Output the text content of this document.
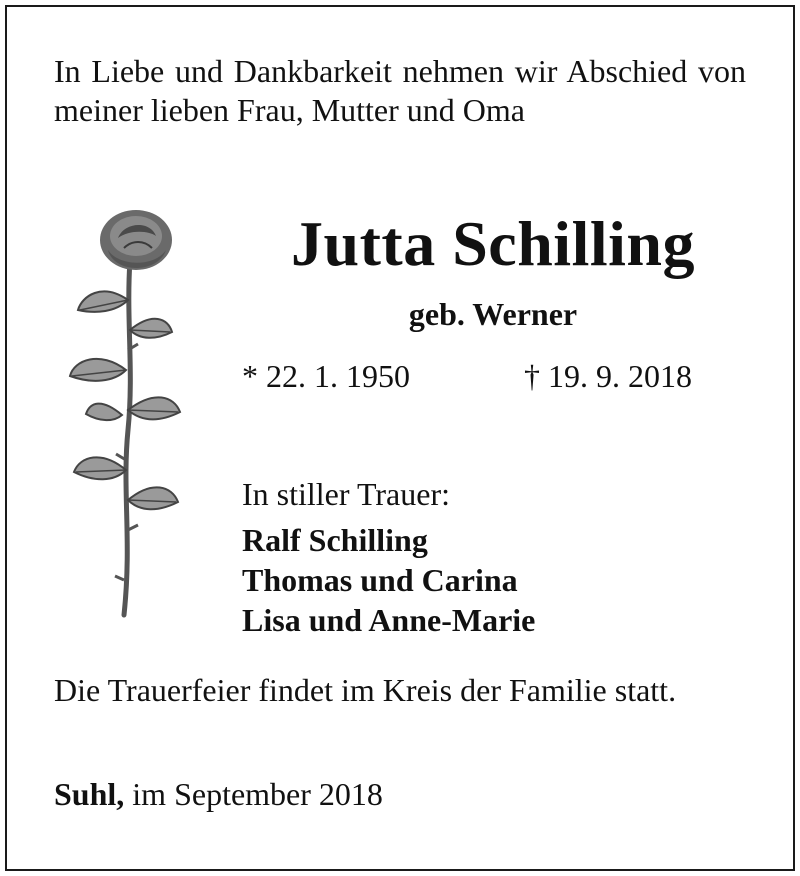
In Liebe und Dankbarkeit nehmen wir Abschied von meiner lieben Frau, Mutter und Oma

Jutta Schilling

geb. Werner

* 22. 1. 1950	† 19. 9. 2018

In stiller Trauer:

Ralf Schilling
Thomas und Carina
Lisa und Anne-Marie

Die Trauerfeier findet im Kreis der Familie statt.

Suhl, im September 2018
